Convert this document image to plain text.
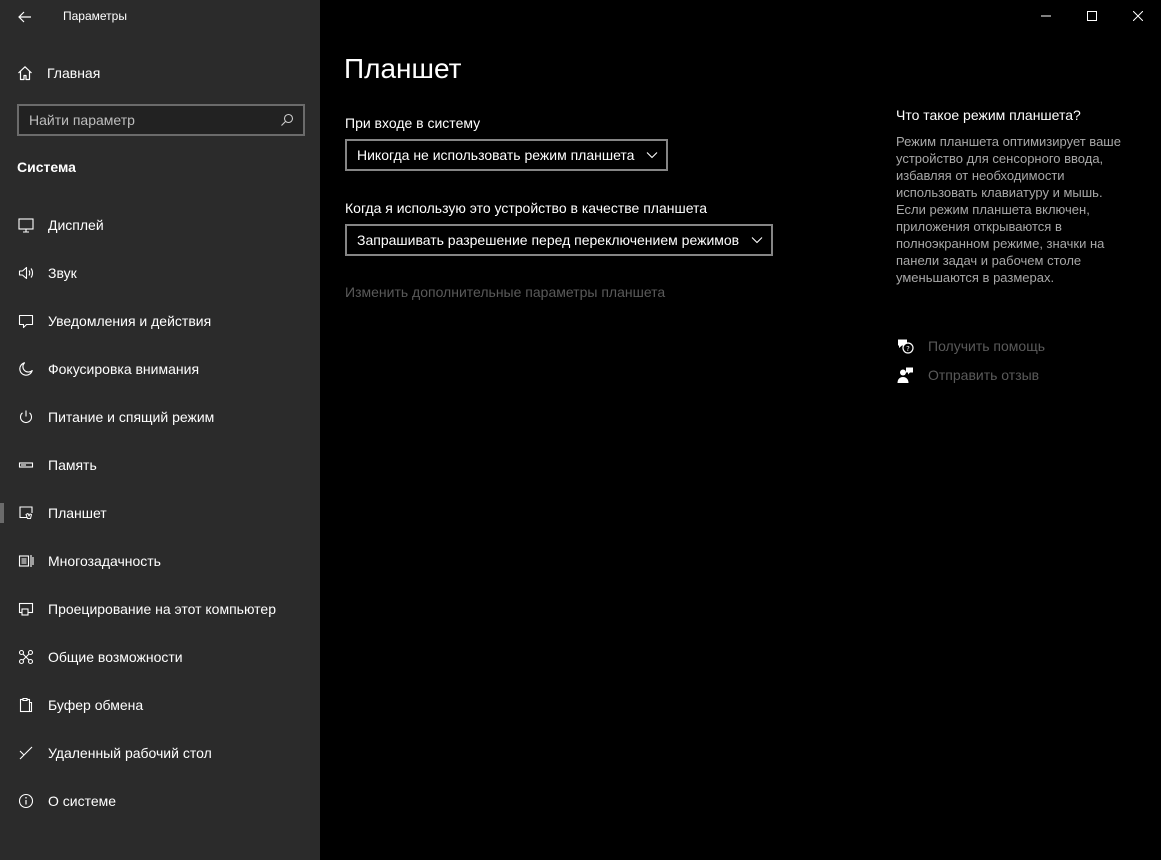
Параметры
Главная
Найти параметр
Система
Дисплей
Звук
Уведомления и действия
Фокусировка внимания
Питание и спящий режим
Память
Планшет
Многозадачность
Проецирование на этот компьютер
Общие возможности
Буфер обмена
Удаленный рабочий стол
О системе
Планшет
При входе в систему
Никогда не использовать режим планшета
Когда я использую это устройство в качестве планшета
Запрашивать разрешение перед переключением режимов
Изменить дополнительные параметры планшета
Что такое режим планшета?
Режим планшета оптимизирует ваше устройство для сенсорного ввода, избавляя от необходимости использовать клавиатуру и мышь. Если режим планшета включен, приложения открываются в полноэкранном режиме, значки на панели задач и рабочем столе уменьшаются в размерах.
? Получить помощь
Отправить отзыв
